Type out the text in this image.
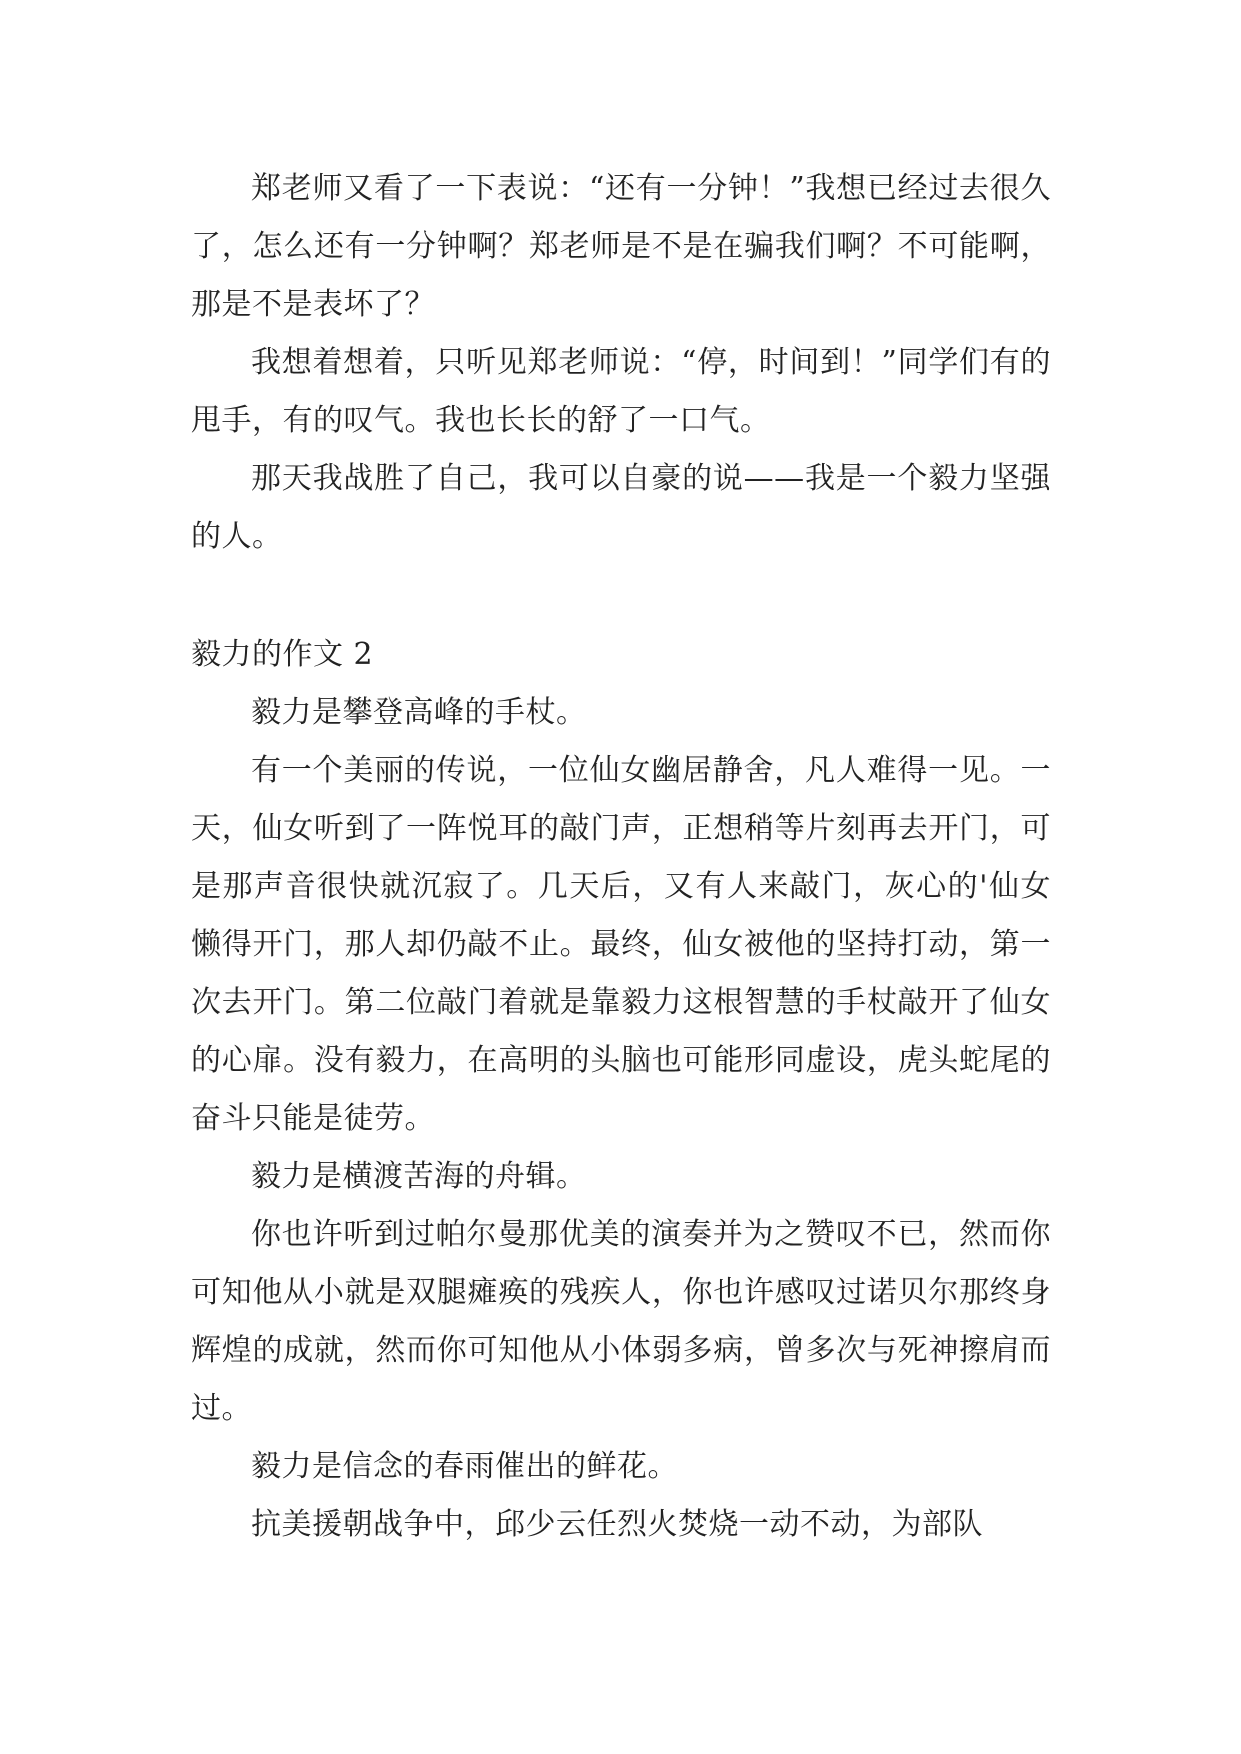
郑老师又看了一下表说：“还有一分钟！”我想已经过去很久了，怎么还有一分钟啊？郑老师是不是在骗我们啊？不可能啊，那是不是表坏了？

我想着想着，只听见郑老师说：“停，时间到！”同学们有的甩手，有的叹气。我也长长的舒了一口气。

那天我战胜了自己，我可以自豪的说——我是一个毅力坚强的人。

毅力的作文 2

毅力是攀登高峰的手杖。

有一个美丽的传说，一位仙女幽居静舍，凡人难得一见。一天，仙女听到了一阵悦耳的敲门声，正想稍等片刻再去开门，可是那声音很快就沉寂了。几天后，又有人来敲门，灰心的'仙女懒得开门，那人却仍敲不止。最终，仙女被他的坚持打动，第一次去开门。第二位敲门着就是靠毅力这根智慧的手杖敲开了仙女的心扉。没有毅力，在高明的头脑也可能形同虚设，虎头蛇尾的奋斗只能是徒劳。

毅力是横渡苦海的舟辑。

你也许听到过帕尔曼那优美的演奏并为之赞叹不已，然而你可知他从小就是双腿瘫痪的残疾人，你也许感叹过诺贝尔那终身辉煌的成就，然而你可知他从小体弱多病，曾多次与死神擦肩而过。

毅力是信念的春雨催出的鲜花。

抗美援朝战争中，邱少云任烈火焚烧一动不动，为部队
